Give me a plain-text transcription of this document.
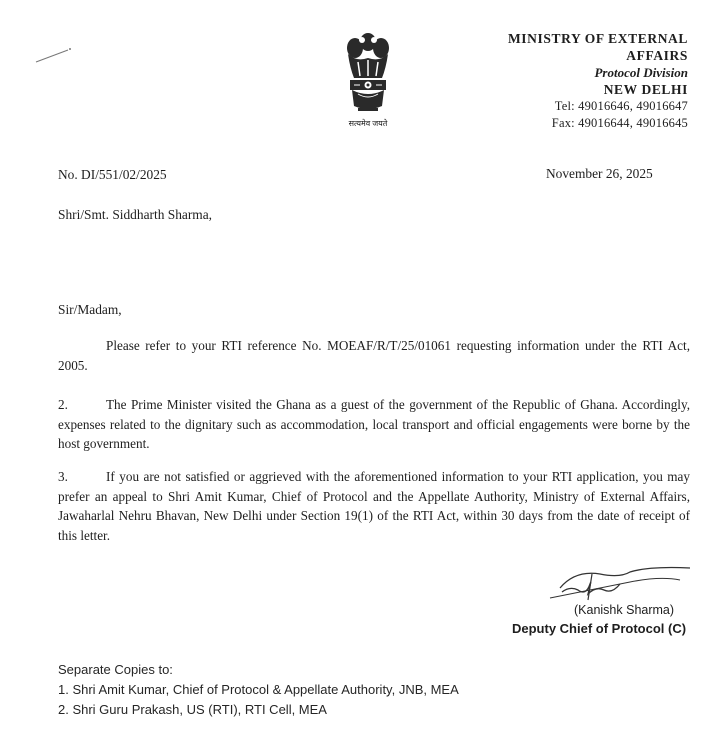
सत्यमेव जयते
MINISTRY OF EXTERNAL
AFFAIRS
Protocol Division
NEW DELHI
Tel: 49016646, 49016647
Fax: 49016644, 49016645
No. DI/551/02/2025	November 26, 2025
Shri/Smt. Siddharth Sharma,
Sir/Madam,
Please refer to your RTI reference No. MOEAF/R/T/25/01061 requesting information under the RTI Act, 2005.
2.	The Prime Minister visited the Ghana as a guest of the government of the Republic of Ghana. Accordingly, expenses related to the dignitary such as accommodation, local transport and official engagements were borne by the host government.
3.	If you are not satisfied or aggrieved with the aforementioned information to your RTI application, you may prefer an appeal to Shri Amit Kumar, Chief of Protocol and the Appellate Authority, Ministry of External Affairs, Jawaharlal Nehru Bhavan, New Delhi under Section 19(1) of the RTI Act, within 30 days from the date of receipt of this letter.
(Kanishk Sharma)
Deputy Chief of Protocol (C)
Separate Copies to:
1. Shri Amit Kumar, Chief of Protocol & Appellate Authority, JNB, MEA
2. Shri Guru Prakash, US (RTI), RTI Cell, MEA
